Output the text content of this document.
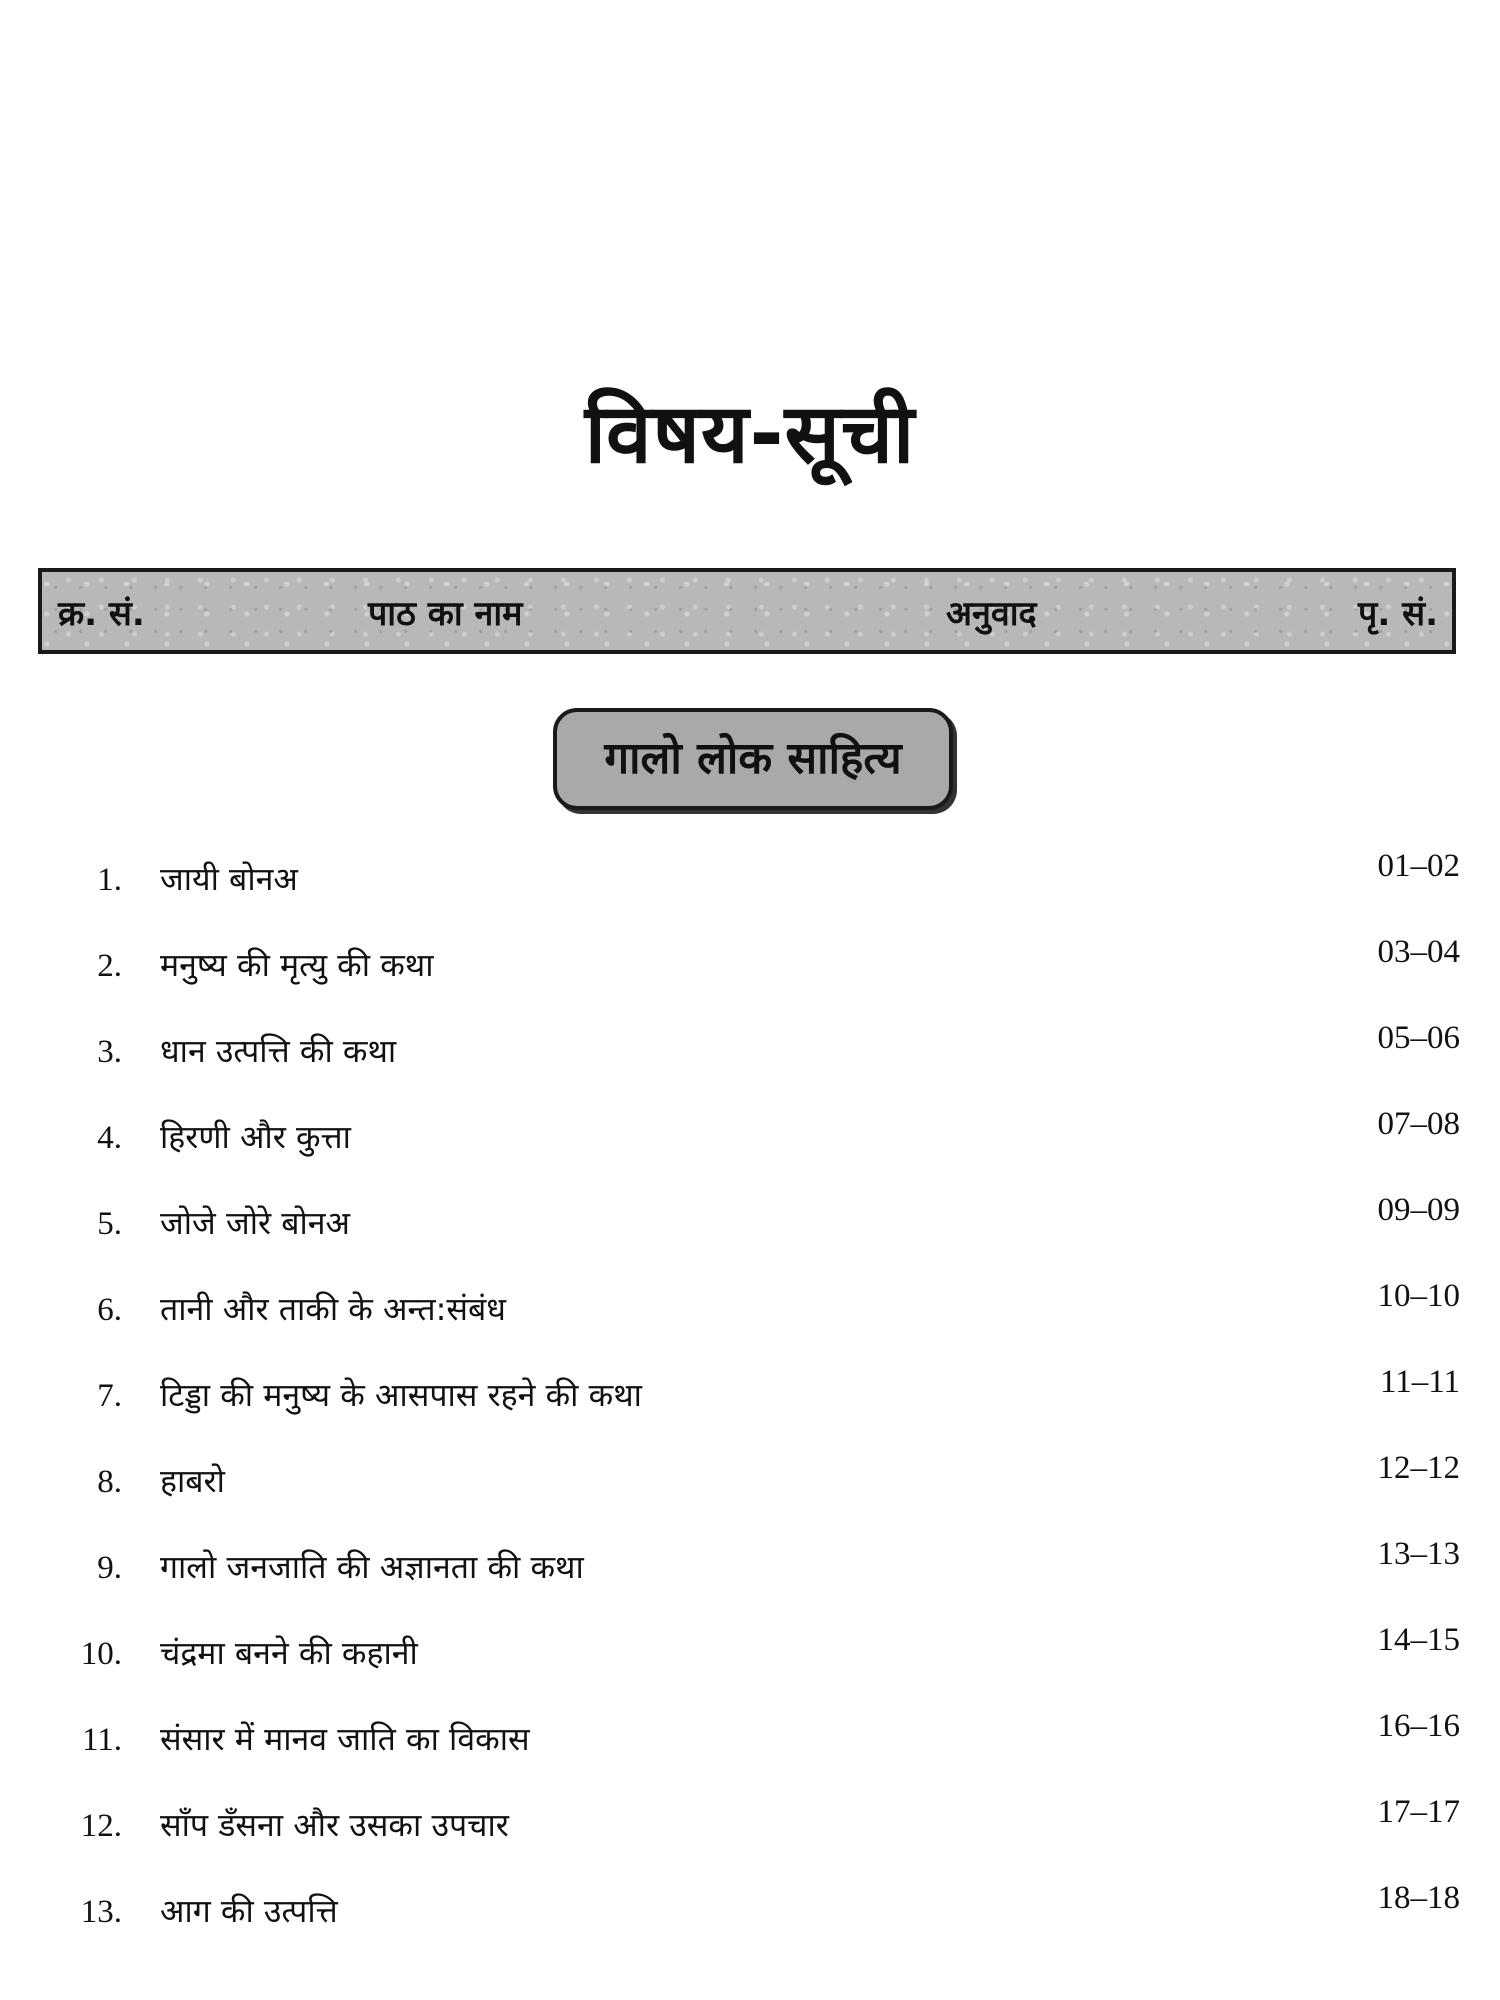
विषय-सूची
क्र. सं.	पाठ का नाम	अनुवाद	पृ. सं.
गालो लोक साहित्य
1. जायी बोनअ	01–02
2. मनुष्य की मृत्यु की कथा	03–04
3. धान उत्पत्ति की कथा	05–06
4. हिरणी और कुत्ता	07–08
5. जोजे जोरे बोनअ	09–09
6. तानी और ताकी के अन्त:संबंध	10–10
7. टिड्डा की मनुष्य के आसपास रहने की कथा	11–11
8. हाबरो	12–12
9. गालो जनजाति की अज्ञानता की कथा	13–13
10. चंद्रमा बनने की कहानी	14–15
11. संसार में मानव जाति का विकास	16–16
12. साँप डँसना और उसका उपचार	17–17
13. आग की उत्पत्ति	18–18
